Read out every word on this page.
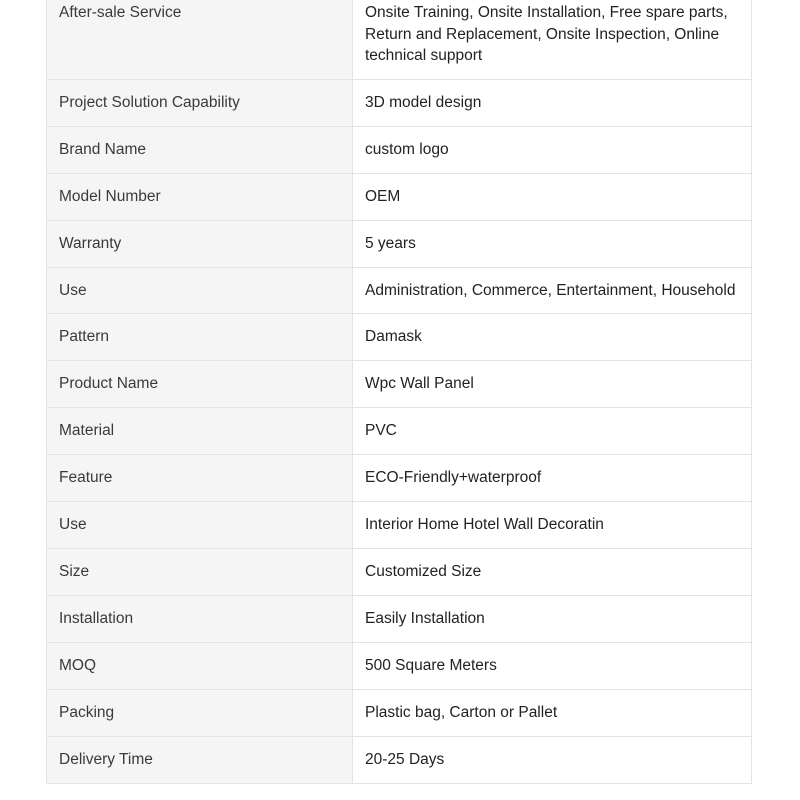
After-sale Service	Onsite Training, Onsite Installation, Free spare parts, Return and Replacement, Onsite Inspection, Online technical support
Project Solution Capability	3D model design
Brand Name	custom logo
Model Number	OEM
Warranty	5 years
Use	Administration, Commerce, Entertainment, Household
Pattern	Damask
Product Name	Wpc Wall Panel
Material	PVC
Feature	ECO-Friendly+waterproof
Use	Interior Home Hotel Wall Decoratin
Size	Customized Size
Installation	Easily Installation
MOQ	500 Square Meters
Packing	Plastic bag, Carton or Pallet
Delivery Time	20-25 Days
